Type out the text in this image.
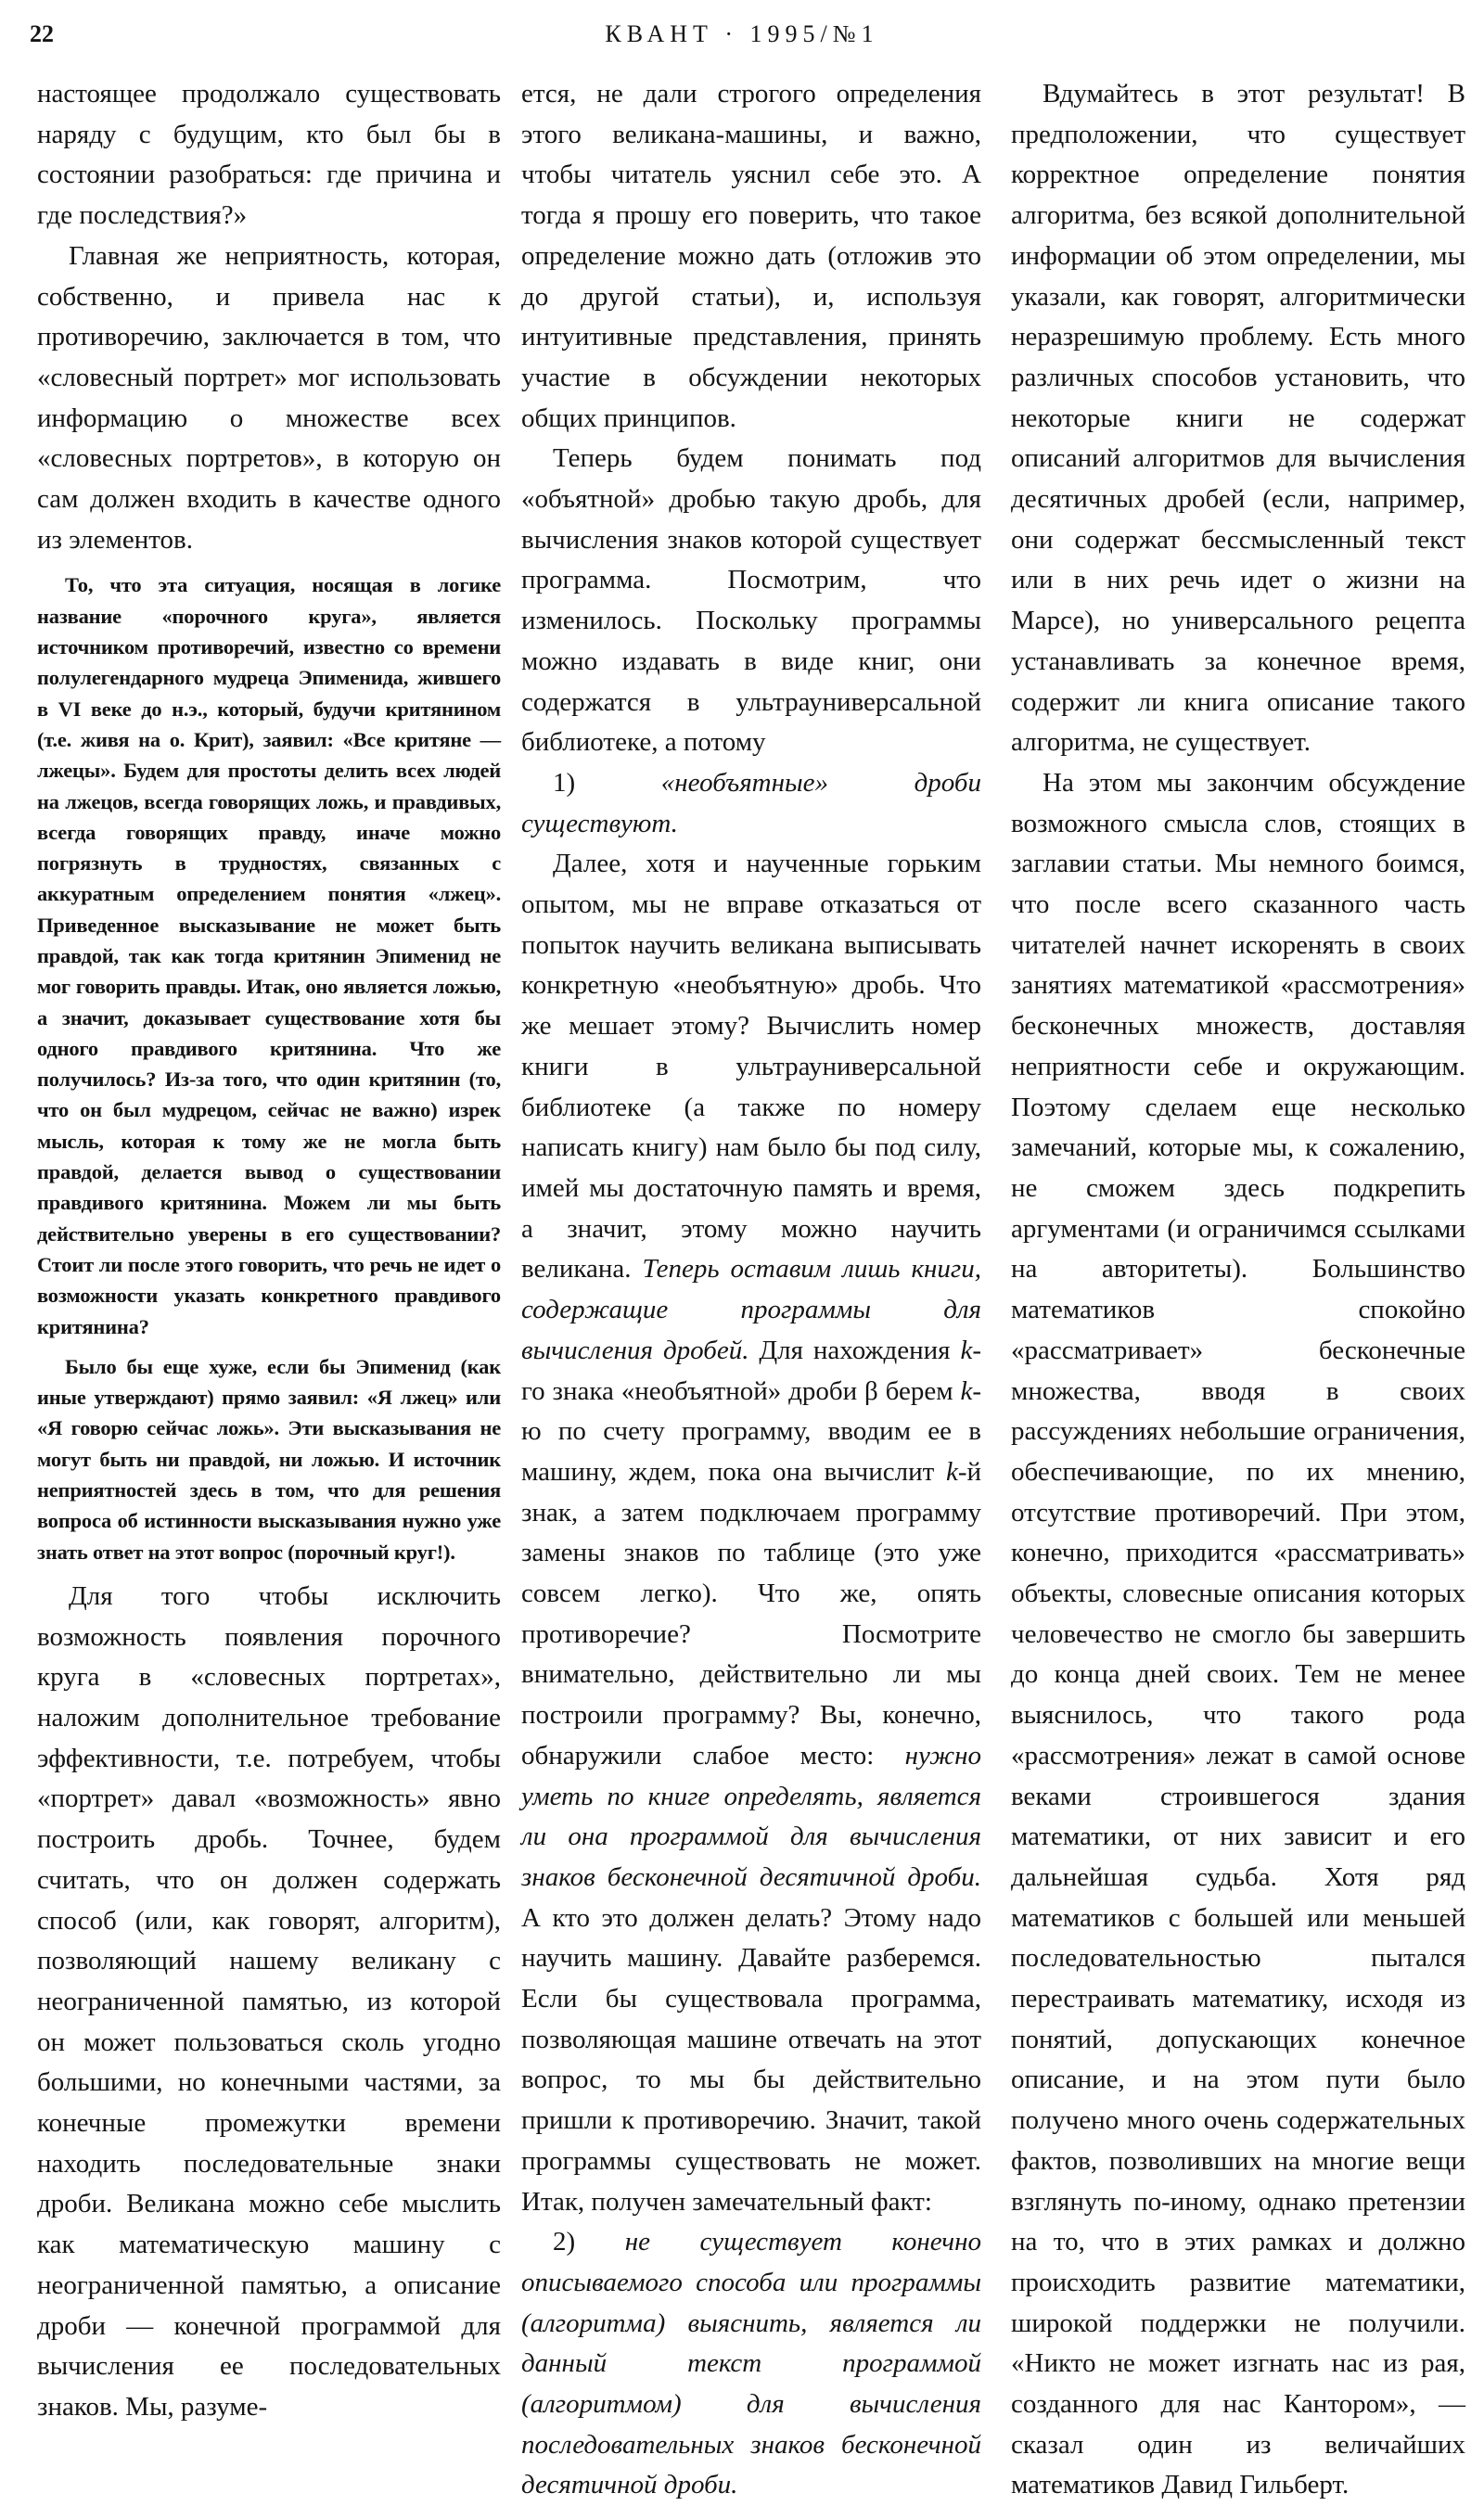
22	КВАНТ · 1995/№1

настоящее продолжало существовать наряду с будущим, кто был бы в состоянии разобраться: где причина и где последствия?»

Главная же неприятность, которая, собственно, и привела нас к противоречию, заключается в том, что «словесный портрет» мог использовать информацию о множестве всех «словесных портретов», в которую он сам должен входить в качестве одного из элементов.

То, что эта ситуация, носящая в логике название «порочного круга», является источником противоречий, известно со времени полулегендарного мудреца Эпименида, жившего в VI веке до н.э., который, будучи критянином (т.е. живя на о. Крит), заявил: «Все критяне — лжецы». Будем для простоты делить всех людей на лжецов, всегда говорящих ложь, и правдивых, всегда говорящих правду, иначе можно погрязнуть в трудностях, связанных с аккуратным определением понятия «лжец». Приведенное высказывание не может быть правдой, так как тогда критянин Эпименид не мог говорить правды. Итак, оно является ложью, а значит, доказывает существование хотя бы одного правдивого критянина. Что же получилось? Из-за того, что один критянин (то, что он был мудрецом, сейчас не важно) изрек мысль, которая к тому же не могла быть правдой, делается вывод о существовании правдивого критянина. Можем ли мы быть действительно уверены в его существовании? Стоит ли после этого говорить, что речь не идет о возможности указать конкретного правдивого критянина?

Было бы еще хуже, если бы Эпименид (как иные утверждают) прямо заявил: «Я лжец» или «Я говорю сейчас ложь». Эти высказывания не могут быть ни правдой, ни ложью. И источник неприятностей здесь в том, что для решения вопроса об истинности высказывания нужно уже знать ответ на этот вопрос (порочный круг!).

Для того чтобы исключить возможность появления порочного круга в «словесных портретах», наложим дополнительное требование эффективности, т.е. потребуем, чтобы «портрет» давал «возможность» явно построить дробь. Точнее, будем считать, что он должен содержать способ (или, как говорят, алгоритм), позволяющий нашему великану с неограниченной памятью, из которой он может пользоваться сколь угодно большими, но конечными частями, за конечные промежутки времени находить последовательные знаки дроби. Великана можно себе мыслить как математическую машину с неограниченной памятью, а описание дроби — конечной программой для вычисления ее последовательных знаков. Мы, разуме-

ется, не дали строгого определения этого великана-машины, и важно, чтобы читатель уяснил себе это. А тогда я прошу его поверить, что такое определение можно дать (отложив это до другой статьи), и, используя интуитивные представления, принять участие в обсуждении некоторых общих принципов.

Теперь будем понимать под «объятной» дробью такую дробь, для вычисления знаков которой существует программа. Посмотрим, что изменилось. Поскольку программы можно издавать в виде книг, они содержатся в ультрауниверсальной библиотеке, а потому

1) «необъятные» дроби существуют.

Далее, хотя и наученные горьким опытом, мы не вправе отказаться от попыток научить великана выписывать конкретную «необъятную» дробь. Что же мешает этому? Вычислить номер книги в ультрауниверсальной библиотеке (а также по номеру написать книгу) нам было бы под силу, имей мы достаточную память и время, а значит, этому можно научить великана. Теперь оставим лишь книги, содержащие программы для вычисления дробей. Для нахождения k-го знака «необъятной» дроби β берем k-ю по счету программу, вводим ее в машину, ждем, пока она вычислит k-й знак, а затем подключаем программу замены знаков по таблице (это уже совсем легко). Что же, опять противоречие? Посмотрите внимательно, действительно ли мы построили программу? Вы, конечно, обнаружили слабое место: нужно уметь по книге определять, является ли она программой для вычисления знаков бесконечной десятичной дроби. А кто это должен делать? Этому надо научить машину. Давайте разберемся. Если бы существовала программа, позволяющая машине отвечать на этот вопрос, то мы бы действительно пришли к противоречию. Значит, такой программы существовать не может. Итак, получен замечательный факт:

2) не существует конечно описываемого способа или программы (алгоритма) выяснить, является ли данный текст программой (алгоритмом) для вычисления последовательных знаков бесконечной десятичной дроби.

Вдумайтесь в этот результат! В предположении, что существует корректное определение понятия алгоритма, без всякой дополнительной информации об этом определении, мы указали, как говорят, алгоритмически неразрешимую проблему. Есть много различных способов установить, что некоторые книги не содержат описаний алгоритмов для вычисления десятичных дробей (если, например, они содержат бессмысленный текст или в них речь идет о жизни на Марсе), но универсального рецепта устанавливать за конечное время, содержит ли книга описание такого алгоритма, не существует.

На этом мы закончим обсуждение возможного смысла слов, стоящих в заглавии статьи. Мы немного боимся, что после всего сказанного часть читателей начнет искоренять в своих занятиях математикой «рассмотрения» бесконечных множеств, доставляя неприятности себе и окружающим. Поэтому сделаем еще несколько замечаний, которые мы, к сожалению, не сможем здесь подкрепить аргументами (и ограничимся ссылками на авторитеты). Большинство математиков спокойно «рассматривает» бесконечные множества, вводя в своих рассуждениях небольшие ограничения, обеспечивающие, по их мнению, отсутствие противоречий. При этом, конечно, приходится «рассматривать» объекты, словесные описания которых человечество не смогло бы завершить до конца дней своих. Тем не менее выяснилось, что такого рода «рассмотрения» лежат в самой основе веками строившегося здания математики, от них зависит и его дальнейшая судьба. Хотя ряд математиков с большей или меньшей последовательностью пытался перестраивать математику, исходя из понятий, допускающих конечное описание, и на этом пути было получено много очень содержательных фактов, позволивших на многие вещи взглянуть по-иному, однако претензии на то, что в этих рамках и должно происходить развитие математики, широкой поддержки не получили. «Никто не может изгнать нас из рая, созданного для нас Кантором», — сказал один из величайших математиков Давид Гильберт.
